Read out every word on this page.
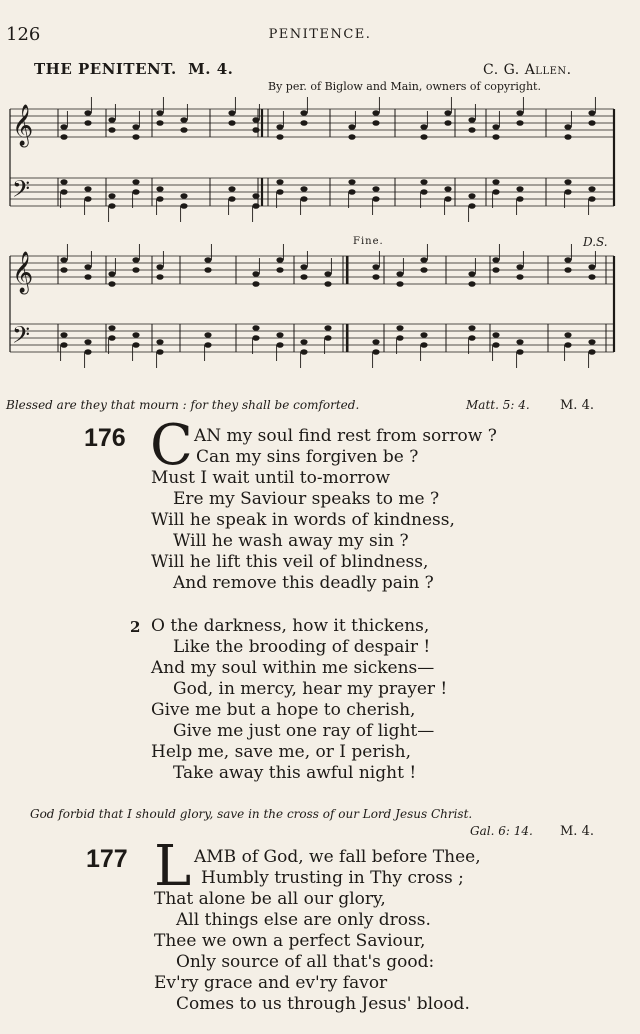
126	PENITENCE.
THE PENITENT. M. 4.	C. G. Allen.
By per. of Biglow and Main, owners of copyright.
Fine.	D.S.
𝄞
𝄢
𝄞
𝄢
Blessed are they that mourn : for they shall be comforted.	Matt. 5: 4. M. 4.
176 C AN my soul find rest from sorrow ?
Can my sins forgiven be ?
Must I wait until to-morrow
Ere my Saviour speaks to me ?
Will he speak in words of kindness,
Will he wash away my sin ?
Will he lift this veil of blindness,
And remove this deadly pain ?
2 O the darkness, how it thickens,
Like the brooding of despair !
And my soul within me sickens—
God, in mercy, hear my prayer !
Give me but a hope to cherish,
Give me just one ray of light—
Help me, save me, or I perish,
Take away this awful night !
God forbid that I should glory, save in the cross of our Lord Jesus Christ.
Gal. 6: 14. M. 4.
177 L AMB of God, we fall before Thee,
Humbly trusting in Thy cross ;
That alone be all our glory,
All things else are only dross.
Thee we own a perfect Saviour,
Only source of all that's good:
Ev'ry grace and ev'ry favor
Comes to us through Jesus' blood.
